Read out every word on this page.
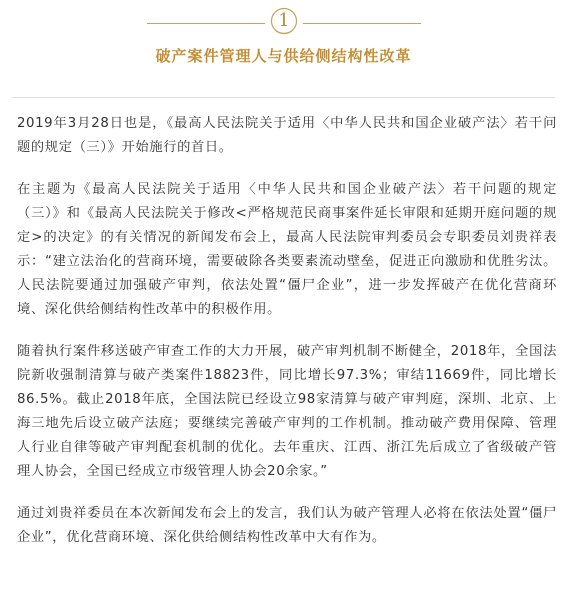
1
破产案件管理人与供给侧结构性改革

2019年3月28日也是，《最高人民法院关于适用〈中华人民共和国企业破产法〉若干问题的规定（三）》开始施行的首日。

在主题为《最高人民法院关于适用〈中华人民共和国企业破产法〉若干问题的规定（三）》和《最高人民法院关于修改<严格规范民商事案件延长审限和延期开庭问题的规定>的决定》的有关情况的新闻发布会上，最高人民法院审判委员会专职委员刘贵祥表示：“建立法治化的营商环境，需要破除各类要素流动壁垒，促进正向激励和优胜劣汰。人民法院要通过加强破产审判，依法处置“僵尸企业”，进一步发挥破产在优化营商环境、深化供给侧结构性改革中的积极作用。

随着执行案件移送破产审查工作的大力开展，破产审判机制不断健全，2018年，全国法院新收强制清算与破产类案件18823件，同比增长97.3%；审结11669件，同比增长86.5%。截止2018年底，全国法院已经设立98家清算与破产审判庭，深圳、北京、上海三地先后设立破产法庭；要继续完善破产审判的工作机制。推动破产费用保障、管理人行业自律等破产审判配套机制的优化。去年重庆、江西、浙江先后成立了省级破产管理人协会，全国已经成立市级管理人协会20余家。”

通过刘贵祥委员在本次新闻发布会上的发言，我们认为破产管理人必将在依法处置“僵尸企业”，优化营商环境、深化供给侧结构性改革中大有作为。
